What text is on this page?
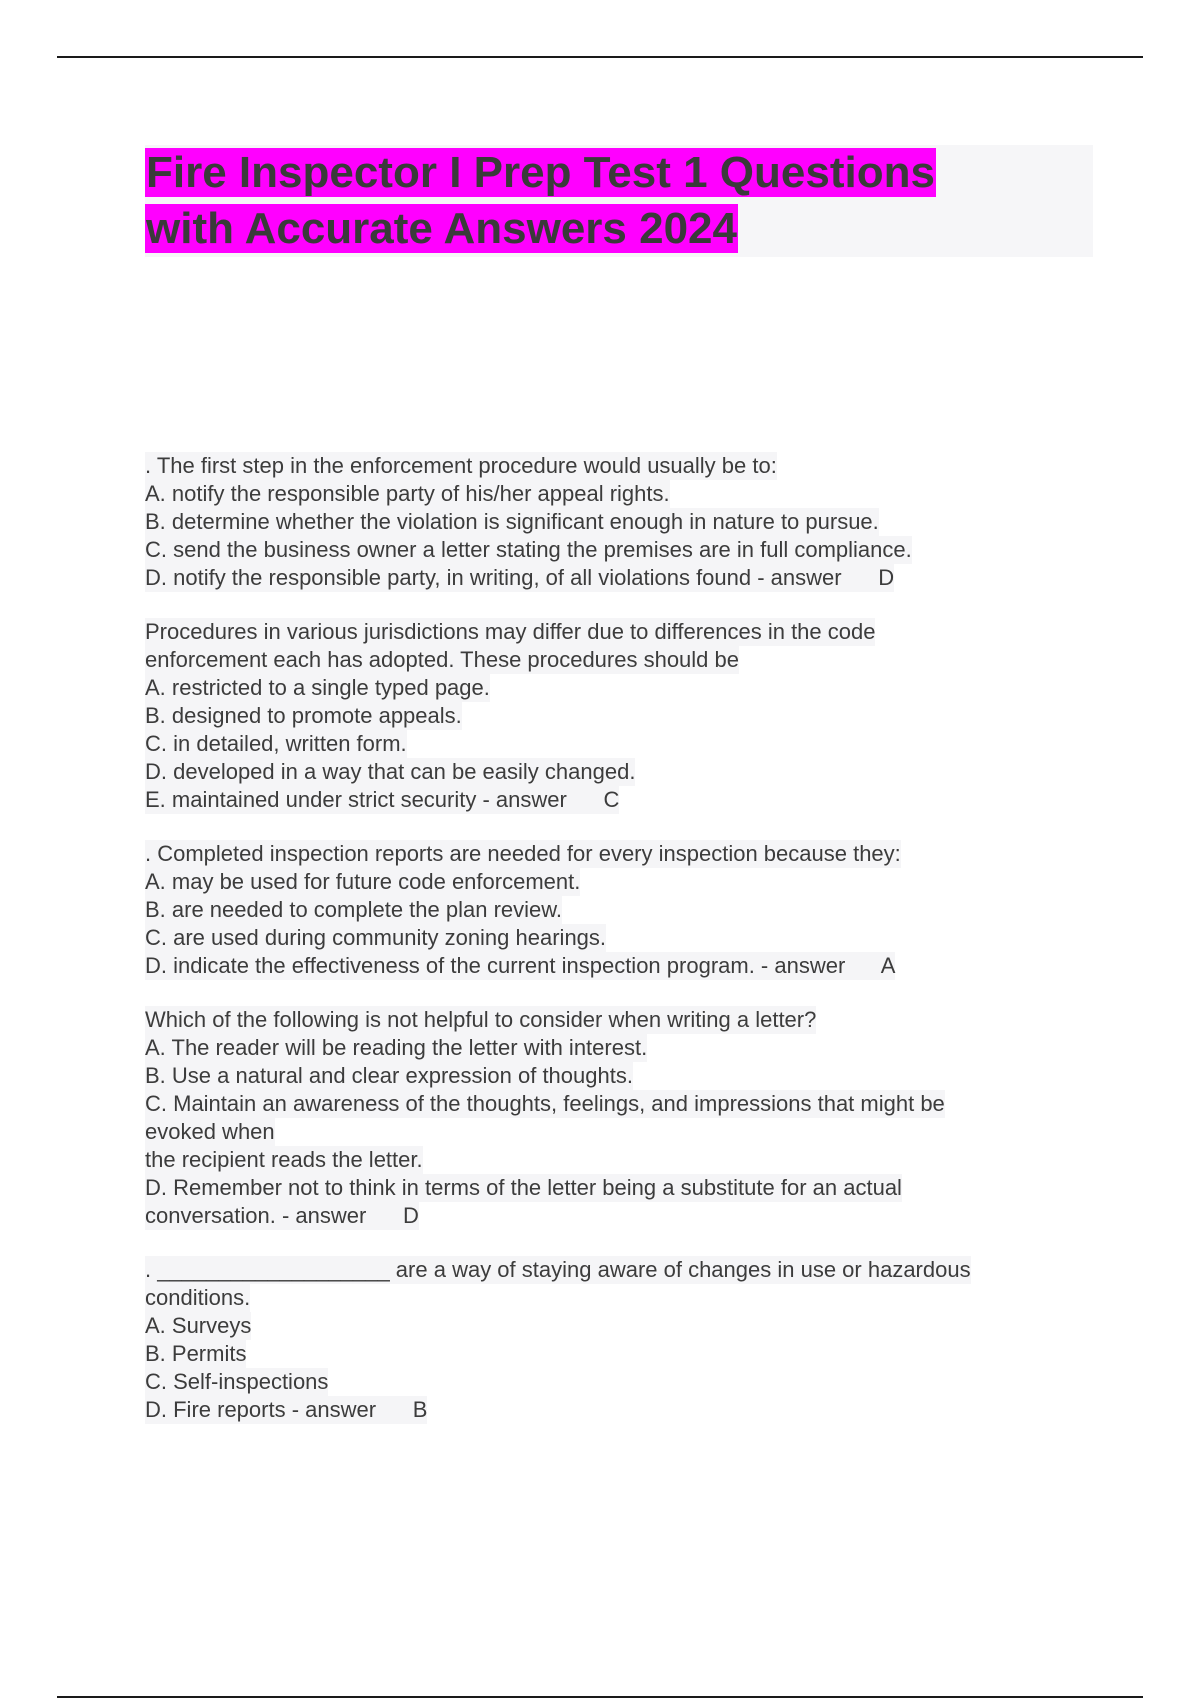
Fire Inspector I Prep Test 1 Questions
with Accurate Answers 2024
. The first step in the enforcement procedure would usually be to:
A. notify the responsible party of his/her appeal rights.
B. determine whether the violation is significant enough in nature to pursue.
C. send the business owner a letter stating the premises are in full compliance.
D. notify the responsible party, in writing, of all violations found - answer      D
Procedures in various jurisdictions may differ due to differences in the code
enforcement each has adopted. These procedures should be
A. restricted to a single typed page.
B. designed to promote appeals.
C. in detailed, written form.
D. developed in a way that can be easily changed.
E. maintained under strict security - answer      C
. Completed inspection reports are needed for every inspection because they:
A. may be used for future code enforcement.
B. are needed to complete the plan review.
C. are used during community zoning hearings.
D. indicate the effectiveness of the current inspection program. - answer      A
Which of the following is not helpful to consider when writing a letter?
A. The reader will be reading the letter with interest.
B. Use a natural and clear expression of thoughts.
C. Maintain an awareness of the thoughts, feelings, and impressions that might be
evoked when
the recipient reads the letter.
D. Remember not to think in terms of the letter being a substitute for an actual
conversation. - answer      D
. ___________________ are a way of staying aware of changes in use or hazardous
conditions.
A. Surveys
B. Permits
C. Self-inspections
D. Fire reports - answer      B
